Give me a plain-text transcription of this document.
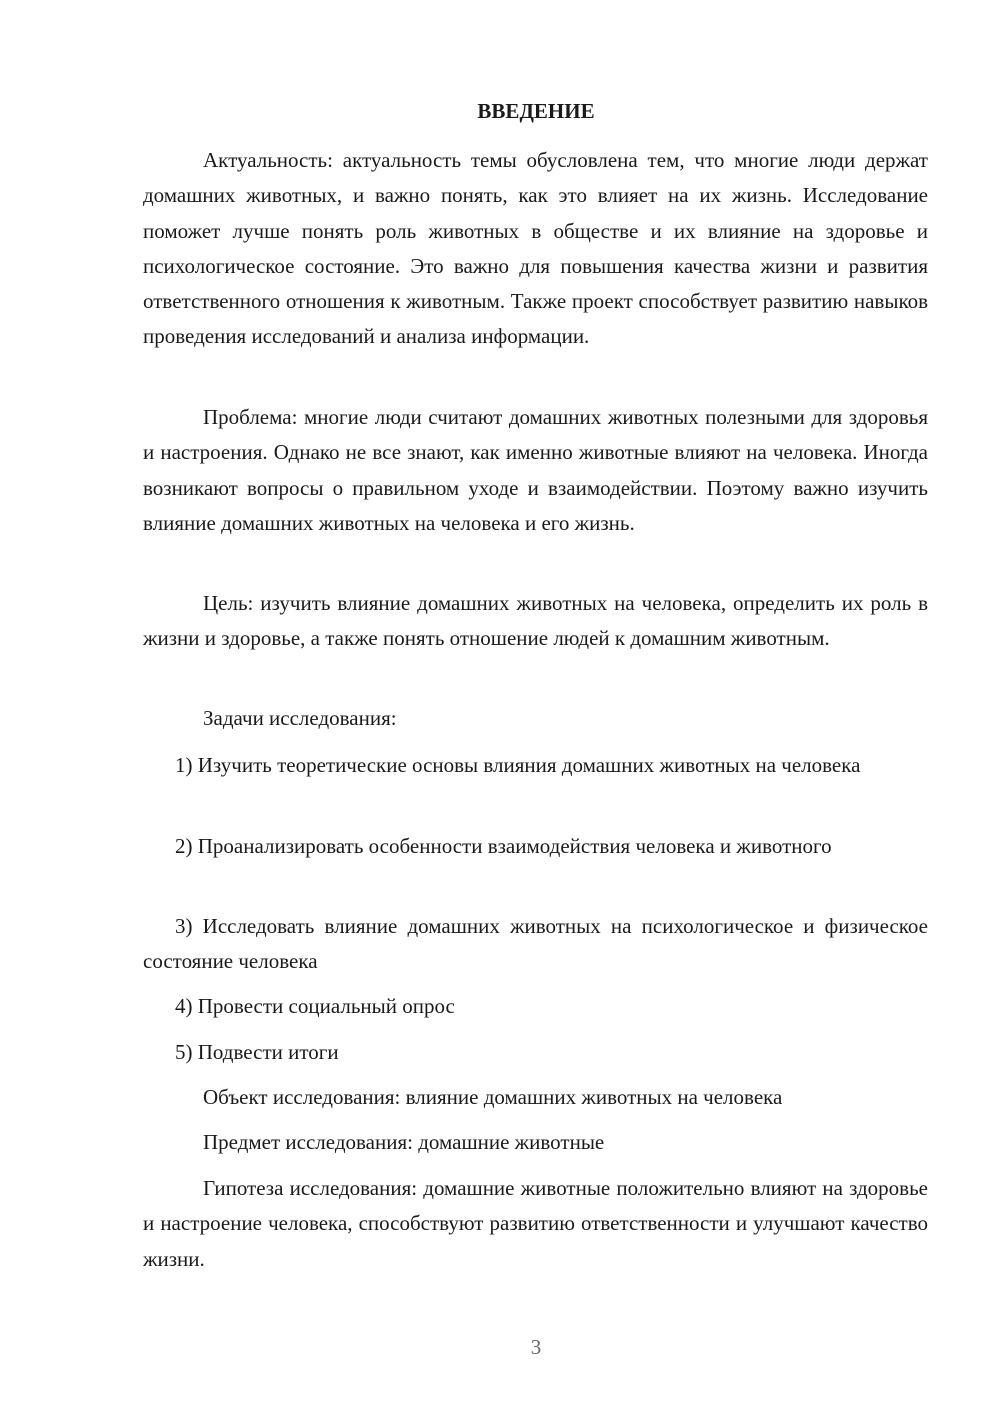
ВВЕДЕНИЕ

Актуальность: актуальность темы обусловлена тем, что многие люди держат домашних животных, и важно понять, как это влияет на их жизнь. Исследование поможет лучше понять роль животных в обществе и их влияние на здоровье и психологическое состояние. Это важно для повышения качества жизни и развития ответственного отношения к животным. Также проект способствует развитию навыков проведения исследований и анализа информации.

Проблема: многие люди считают домашних животных полезными для здоровья и настроения. Однако не все знают, как именно животные влияют на человека. Иногда возникают вопросы о правильном уходе и взаимодействии. Поэтому важно изучить влияние домашних животных на человека и его жизнь.

Цель: изучить влияние домашних животных на человека, определить их роль в жизни и здоровье, а также понять отношение людей к домашним животным.

Задачи исследования:

1) Изучить теоретические основы влияния домашних животных на человека

2) Проанализировать особенности взаимодействия человека и животного

3) Исследовать влияние домашних животных на психологическое и физическое состояние человека

4) Провести социальный опрос

5) Подвести итоги

Объект исследования: влияние домашних животных на человека

Предмет исследования: домашние животные

Гипотеза исследования: домашние животные положительно влияют на здоровье и настроение человека, способствуют развитию ответственности и улучшают качество жизни.

3
